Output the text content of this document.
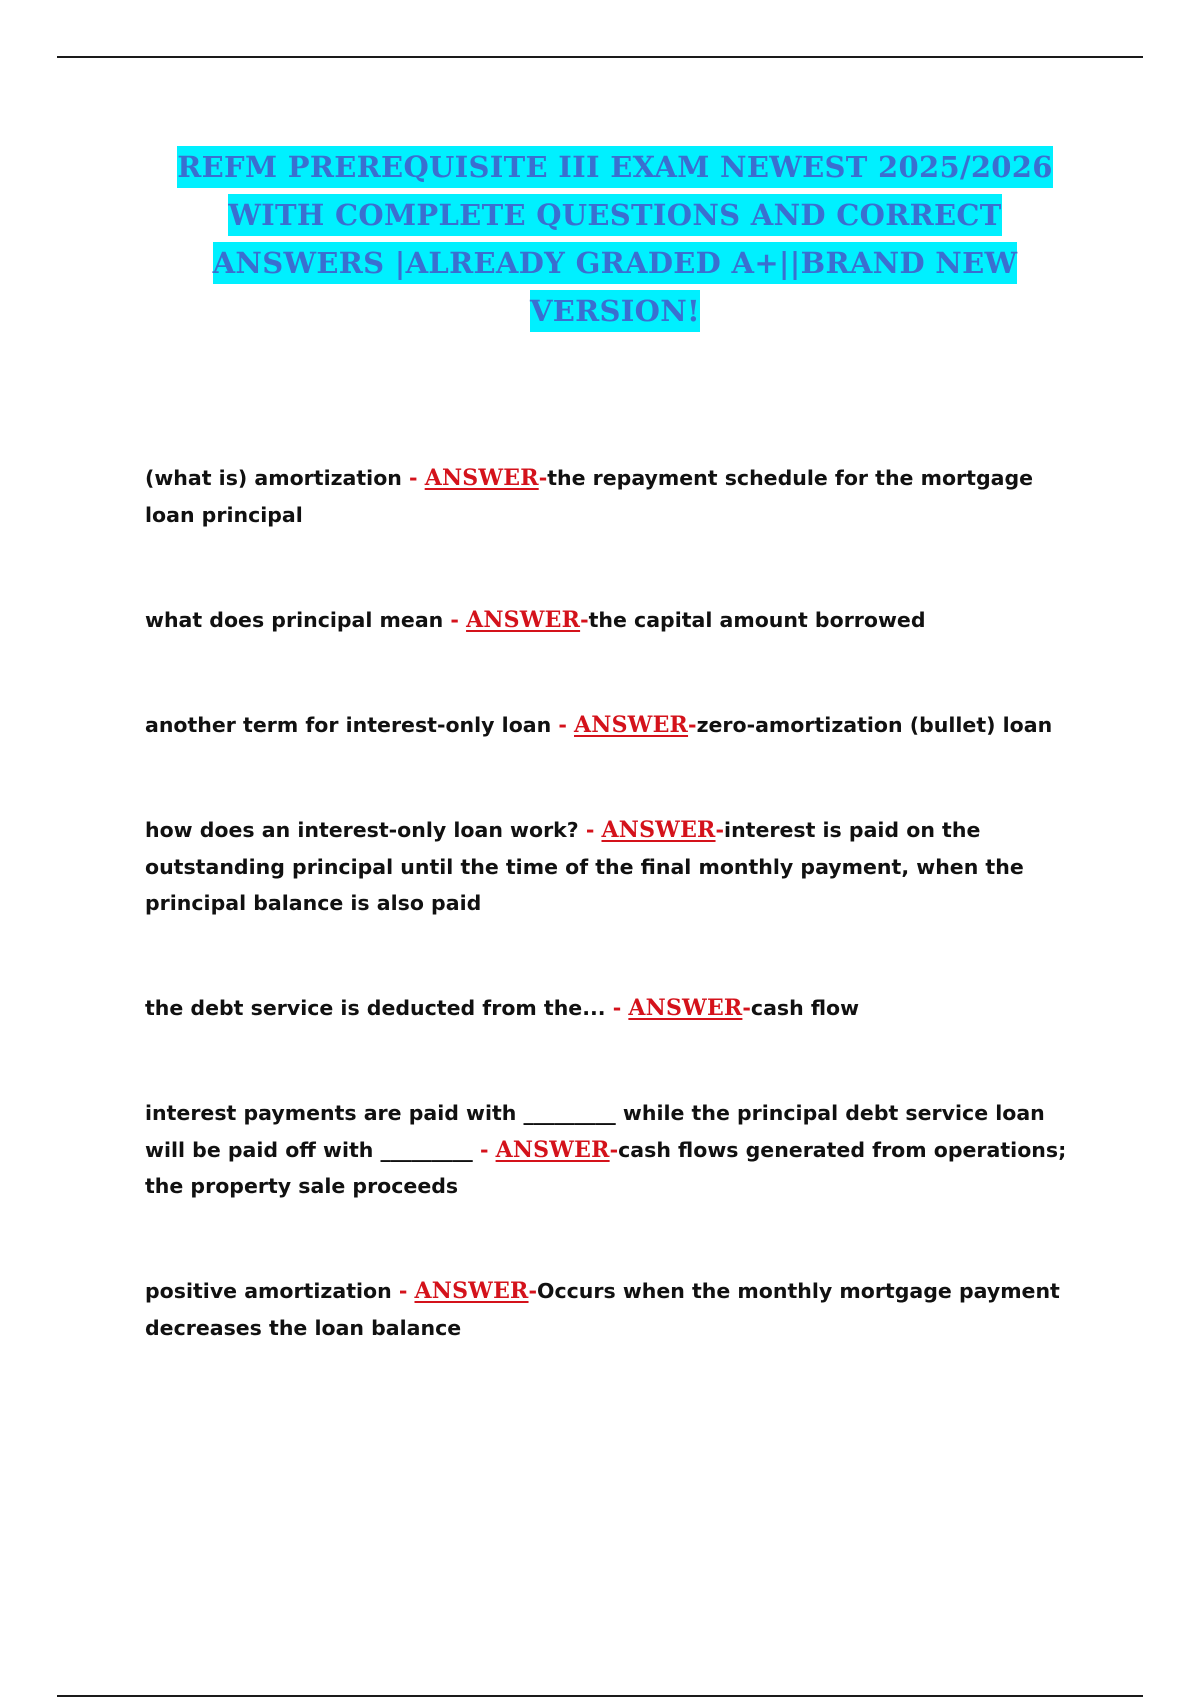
REFM PREREQUISITE III EXAM NEWEST 2025/2026 WITH COMPLETE QUESTIONS AND CORRECT ANSWERS |ALREADY GRADED A+||BRAND NEW VERSION!
(what is) amortization - ANSWER-the repayment schedule for the mortgage loan principal
what does principal mean - ANSWER-the capital amount borrowed
another term for interest-only loan - ANSWER-zero-amortization (bullet) loan
how does an interest-only loan work? - ANSWER-interest is paid on the outstanding principal until the time of the final monthly payment, when the principal balance is also paid
the debt service is deducted from the... - ANSWER-cash flow
interest payments are paid with _________ while the principal debt service loan will be paid off with _________ - ANSWER-cash flows generated from operations; the property sale proceeds
positive amortization - ANSWER-Occurs when the monthly mortgage payment decreases the loan balance
